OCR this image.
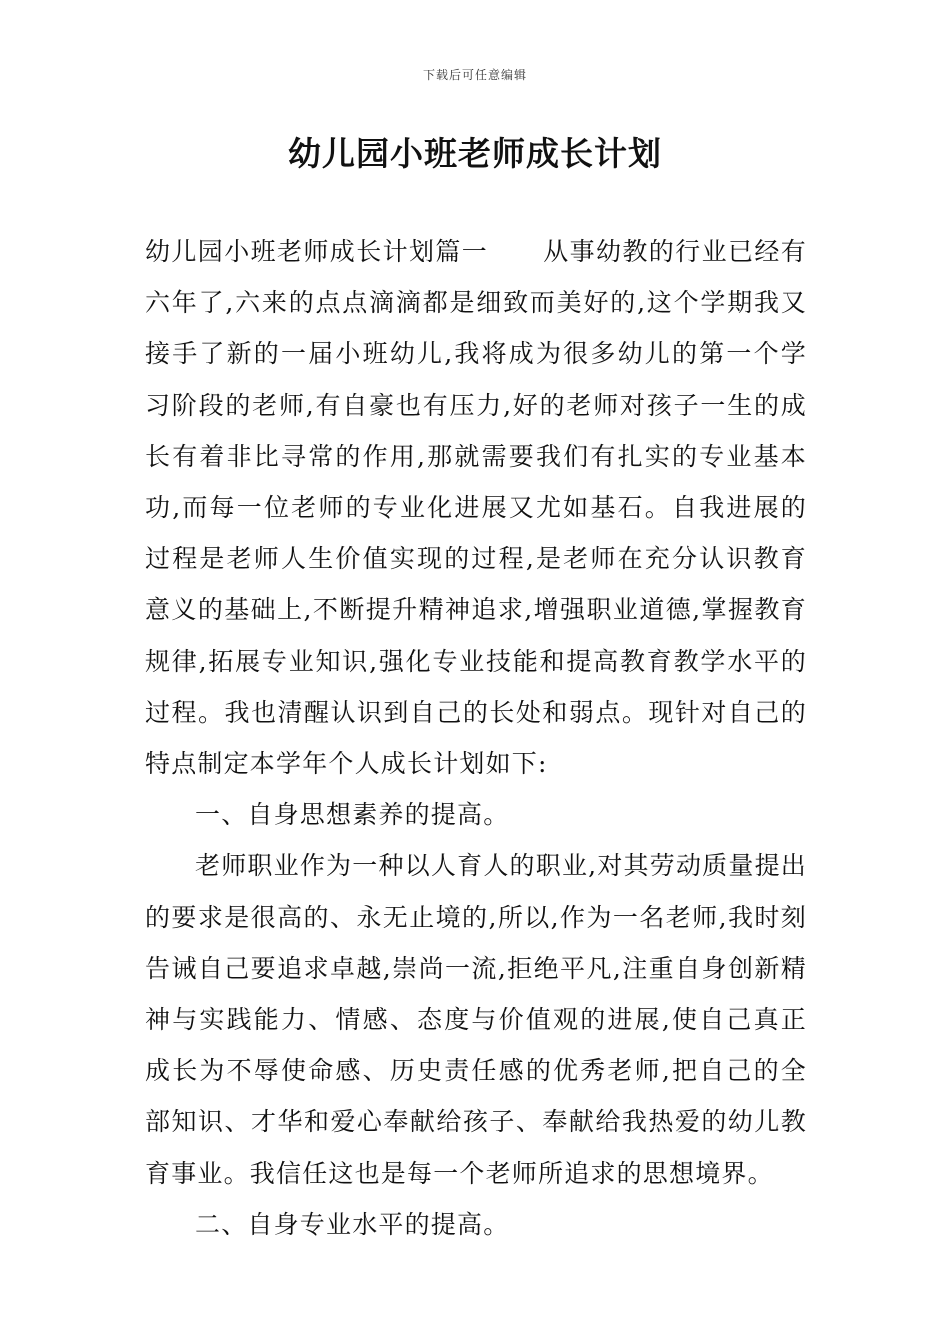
下载后可任意编辑
幼儿园小班老师成长计划

幼儿园小班老师成长计划篇一 从事幼教的行业已经有六年了,六来的点点滴滴都是细致而美好的,这个学期我又接手了新的一届小班幼儿,我将成为很多幼儿的第一个学习阶段的老师,有自豪也有压力,好的老师对孩子一生的成长有着非比寻常的作用,那就需要我们有扎实的专业基本功,而每一位老师的专业化进展又尤如基石。自我进展的过程是老师人生价值实现的过程,是老师在充分认识教育意义的基础上,不断提升精神追求,增强职业道德,掌握教育规律,拓展专业知识,强化专业技能和提高教育教学水平的过程。我也清醒认识到自己的长处和弱点。现针对自己的特点制定本学年个人成长计划如下:

一、自身思想素养的提高。

老师职业作为一种以人育人的职业,对其劳动质量提出的要求是很高的、永无止境的,所以,作为一名老师,我时刻告诫自己要追求卓越,崇尚一流,拒绝平凡,注重自身创新精神与实践能力、情感、态度与价值观的进展,使自己真正成长为不辱使命感、历史责任感的优秀老师,把自己的全部知识、才华和爱心奉献给孩子、奉献给我热爱的幼儿教育事业。我信任这也是每一个老师所追求的思想境界。

二、自身专业水平的提高。
